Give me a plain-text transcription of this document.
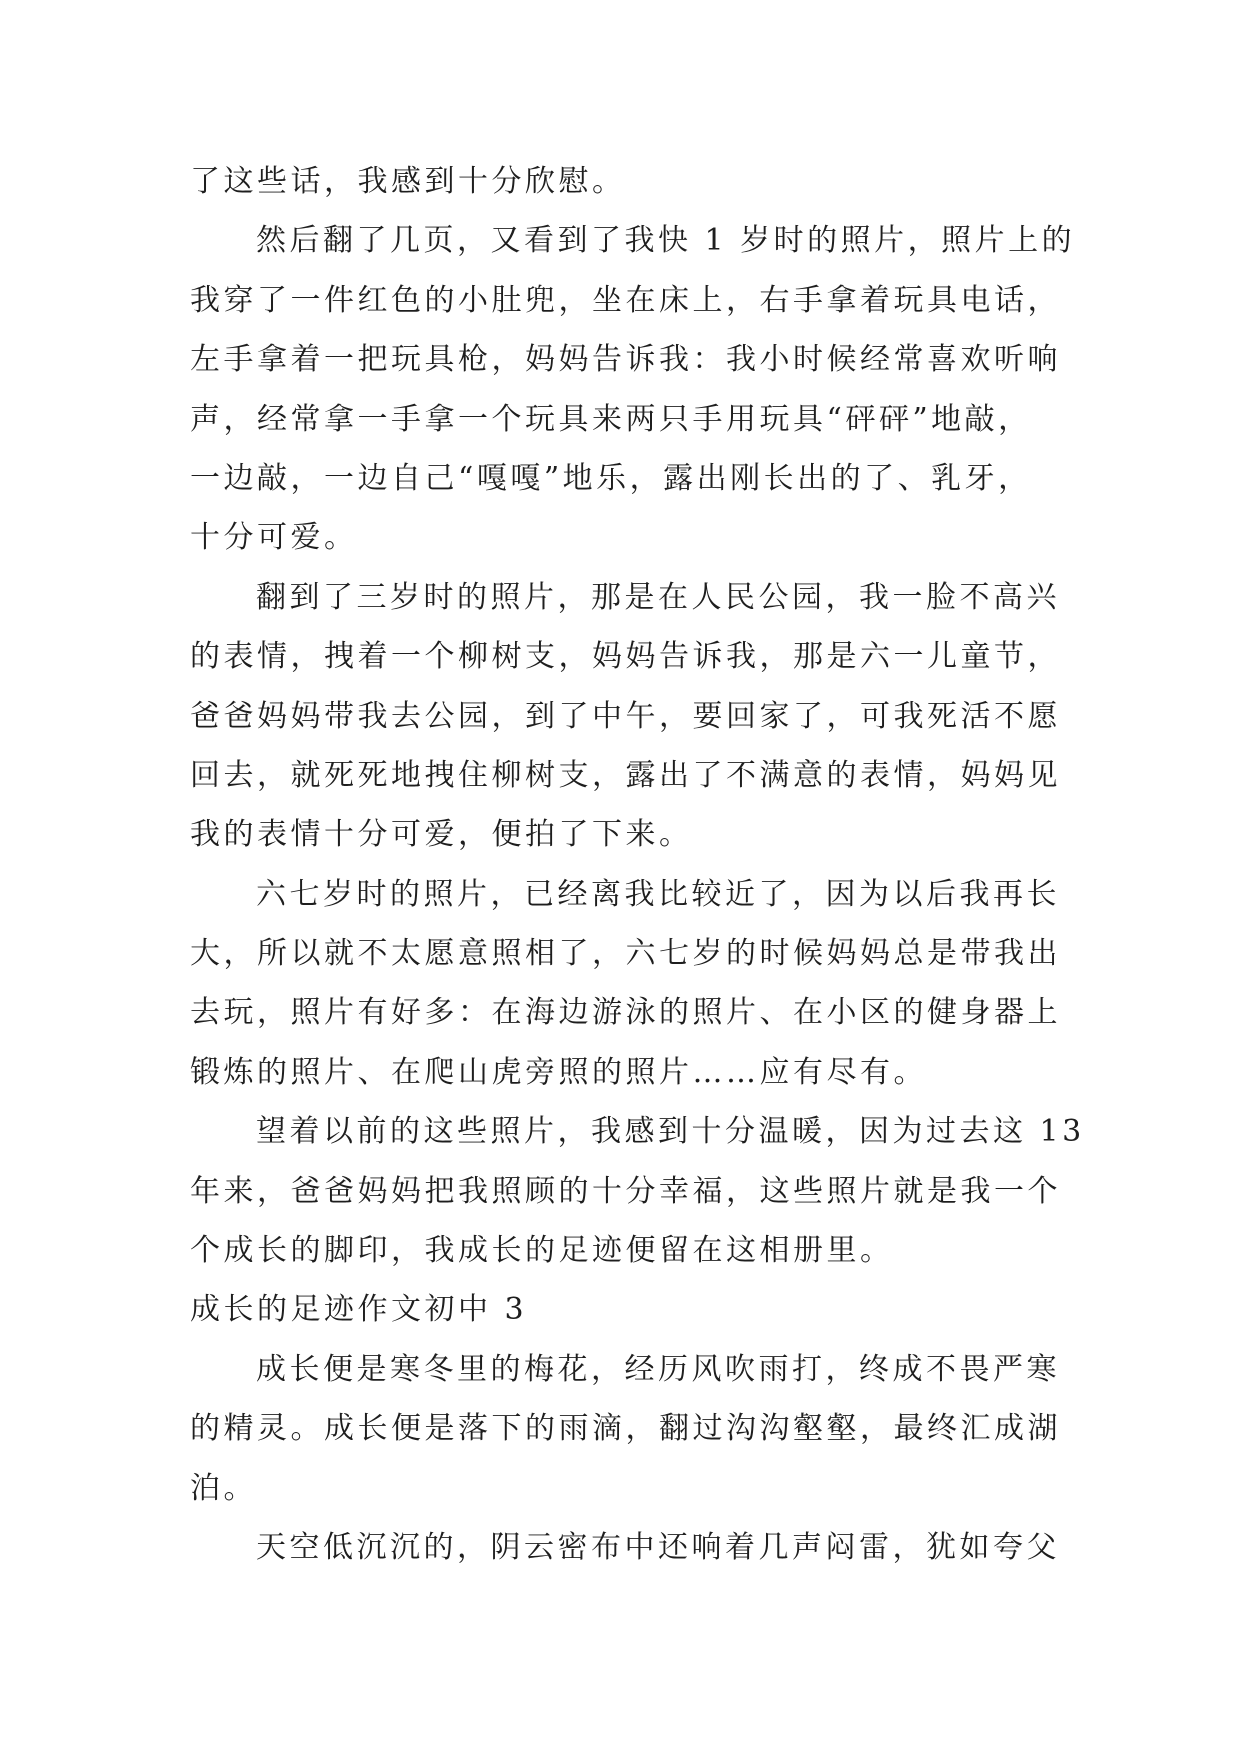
了这些话，我感到十分欣慰。
然后翻了几页，又看到了我快 1 岁时的照片，照片上的
我穿了一件红色的小肚兜，坐在床上，右手拿着玩具电话，
左手拿着一把玩具枪，妈妈告诉我：我小时候经常喜欢听响
声，经常拿一手拿一个玩具来两只手用玩具“砰砰”地敲，
一边敲，一边自己“嘎嘎”地乐，露出刚长出的了、乳牙，
十分可爱。
翻到了三岁时的照片，那是在人民公园，我一脸不高兴
的表情，拽着一个柳树支，妈妈告诉我，那是六一儿童节，
爸爸妈妈带我去公园，到了中午，要回家了，可我死活不愿
回去，就死死地拽住柳树支，露出了不满意的表情，妈妈见
我的表情十分可爱，便拍了下来。
六七岁时的照片，已经离我比较近了，因为以后我再长
大，所以就不太愿意照相了，六七岁的时候妈妈总是带我出
去玩，照片有好多：在海边游泳的照片、在小区的健身器上
锻炼的照片、在爬山虎旁照的照片……应有尽有。
望着以前的这些照片，我感到十分温暖，因为过去这 13
年来，爸爸妈妈把我照顾的十分幸福，这些照片就是我一个
个成长的脚印，我成长的足迹便留在这相册里。
成长的足迹作文初中 3
成长便是寒冬里的梅花，经历风吹雨打，终成不畏严寒
的精灵。成长便是落下的雨滴，翻过沟沟壑壑，最终汇成湖
泊。
天空低沉沉的，阴云密布中还响着几声闷雷，犹如夸父
